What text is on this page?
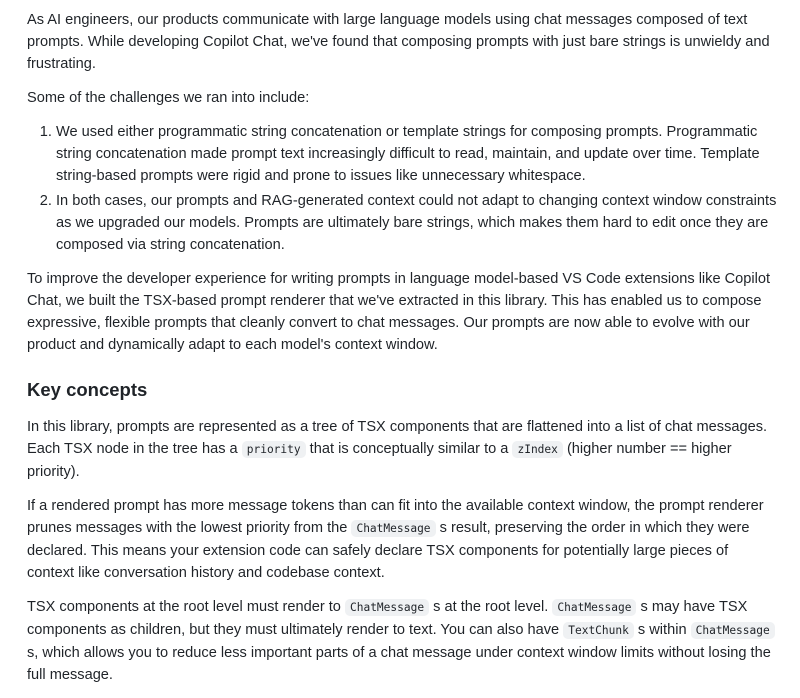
As AI engineers, our products communicate with large language models using chat messages composed of text prompts. While developing Copilot Chat, we've found that composing prompts with just bare strings is unwieldy and frustrating.

Some of the challenges we ran into include:

1. We used either programmatic string concatenation or template strings for composing prompts. Programmatic string concatenation made prompt text increasingly difficult to read, maintain, and update over time. Template string-based prompts were rigid and prone to issues like unnecessary whitespace.
2. In both cases, our prompts and RAG-generated context could not adapt to changing context window constraints as we upgraded our models. Prompts are ultimately bare strings, which makes them hard to edit once they are composed via string concatenation.

To improve the developer experience for writing prompts in language model-based VS Code extensions like Copilot Chat, we built the TSX-based prompt renderer that we've extracted in this library. This has enabled us to compose expressive, flexible prompts that cleanly convert to chat messages. Our prompts are now able to evolve with our product and dynamically adapt to each model's context window.

Key concepts

In this library, prompts are represented as a tree of TSX components that are flattened into a list of chat messages. Each TSX node in the tree has a priority that is conceptually similar to a zIndex (higher number == higher priority).

If a rendered prompt has more message tokens than can fit into the available context window, the prompt renderer prunes messages with the lowest priority from the ChatMessage s result, preserving the order in which they were declared. This means your extension code can safely declare TSX components for potentially large pieces of context like conversation history and codebase context.

TSX components at the root level must render to ChatMessage s at the root level. ChatMessage s may have TSX components as children, but they must ultimately render to text. You can also have TextChunk s within ChatMessage s, which allows you to reduce less important parts of a chat message under context window limits without losing the full message.
